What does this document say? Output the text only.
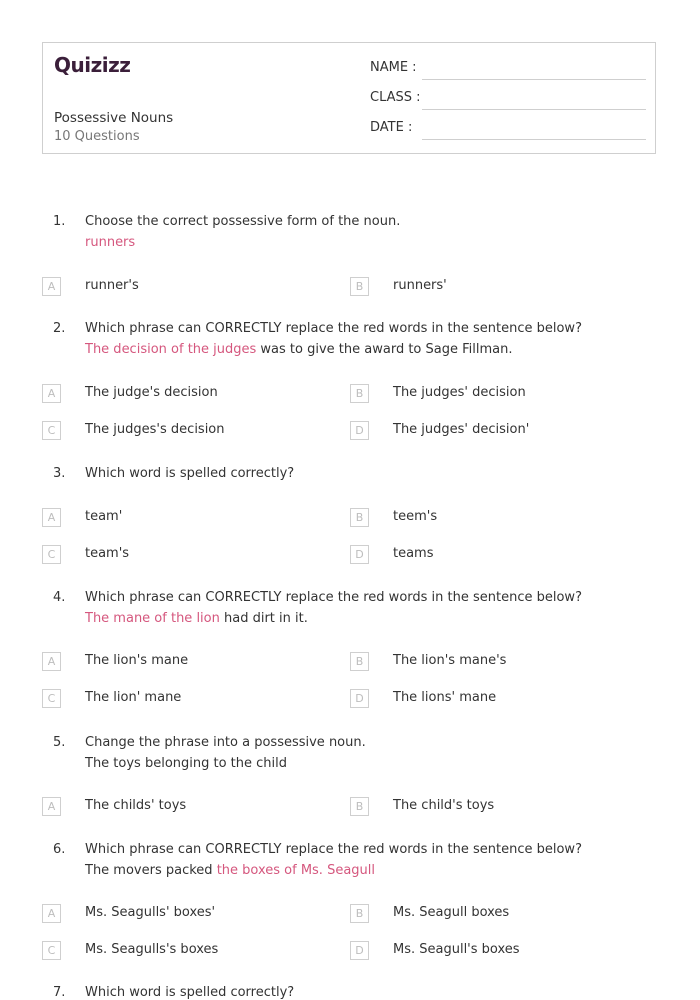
Quizizz
Possessive Nouns
10 Questions
NAME :
CLASS :
DATE :
1. Choose the correct possessive form of the noun.
runners
A	runner's	B	runners'
2. Which phrase can CORRECTLY replace the red words in the sentence below?
The decision of the judges was to give the award to Sage Fillman.
A	The judge's decision	B	The judges' decision
C	The judges's decision	D	The judges' decision'
3. Which word is spelled correctly?
A	team'	B	teem's
C	team's	D	teams
4. Which phrase can CORRECTLY replace the red words in the sentence below?
The mane of the lion had dirt in it.
A	The lion's mane	B	The lion's mane's
C	The lion' mane	D	The lions' mane
5. Change the phrase into a possessive noun.
The toys belonging to the child
A	The childs' toys	B	The child's toys
6. Which phrase can CORRECTLY replace the red words in the sentence below?
The movers packed the boxes of Ms. Seagull
A	Ms. Seagulls' boxes'	B	Ms. Seagull boxes
C	Ms. Seagulls's boxes	D	Ms. Seagull's boxes
7. Which word is spelled correctly?
